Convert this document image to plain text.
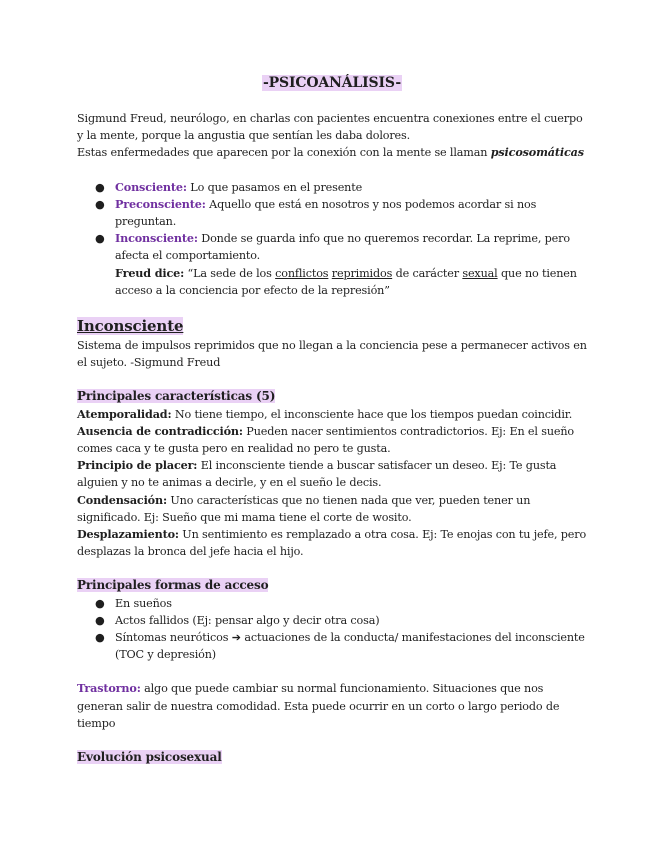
-PSICOANÁLISIS-

Sigmund Freud, neurólogo, en charlas con pacientes encuentra conexiones entre el cuerpo y la mente, porque la angustia que sentían les daba dolores.

Estas enfermedades que aparecen por la conexión con la mente se llaman psicosomáticas

● Consciente: Lo que pasamos en el presente
● Preconsciente: Aquello que está en nosotros y nos podemos acordar si nos preguntan.
● Inconsciente: Donde se guarda info que no queremos recordar. La reprime, pero afecta el comportamiento.

Freud dice: “La sede de los conflictos reprimidos de carácter sexual que no tienen acceso a la conciencia por efecto de la represión”

Inconsciente

Sistema de impulsos reprimidos que no llegan a la conciencia pese a permanecer activos en el sujeto. -Sigmund Freud

Principales características (5)

Atemporalidad: No tiene tiempo, el inconsciente hace que los tiempos puedan coincidir.

Ausencia de contradicción: Pueden nacer sentimientos contradictorios. Ej: En el sueño comes caca y te gusta pero en realidad no pero te gusta.

Principio de placer: El inconsciente tiende a buscar satisfacer un deseo. Ej: Te gusta alguien y no te animas a decirle, y en el sueño le decis.

Condensación: Uno características que no tienen nada que ver, pueden tener un significado. Ej: Sueño que mi mama tiene el corte de wosito.

Desplazamiento: Un sentimiento es remplazado a otra cosa. Ej: Te enojas con tu jefe, pero desplazas la bronca del jefe hacia el hijo.

Principales formas de acceso
● En sueños
● Actos fallidos (Ej: pensar algo y decir otra cosa)
● Síntomas neuróticos ➔ actuaciones de la conducta/ manifestaciones del inconsciente (TOC y depresión)

Trastorno: algo que puede cambiar su normal funcionamiento. Situaciones que nos generan salir de nuestra comodidad. Esta puede ocurrir en un corto o largo periodo de tiempo

Evolución psicosexual
